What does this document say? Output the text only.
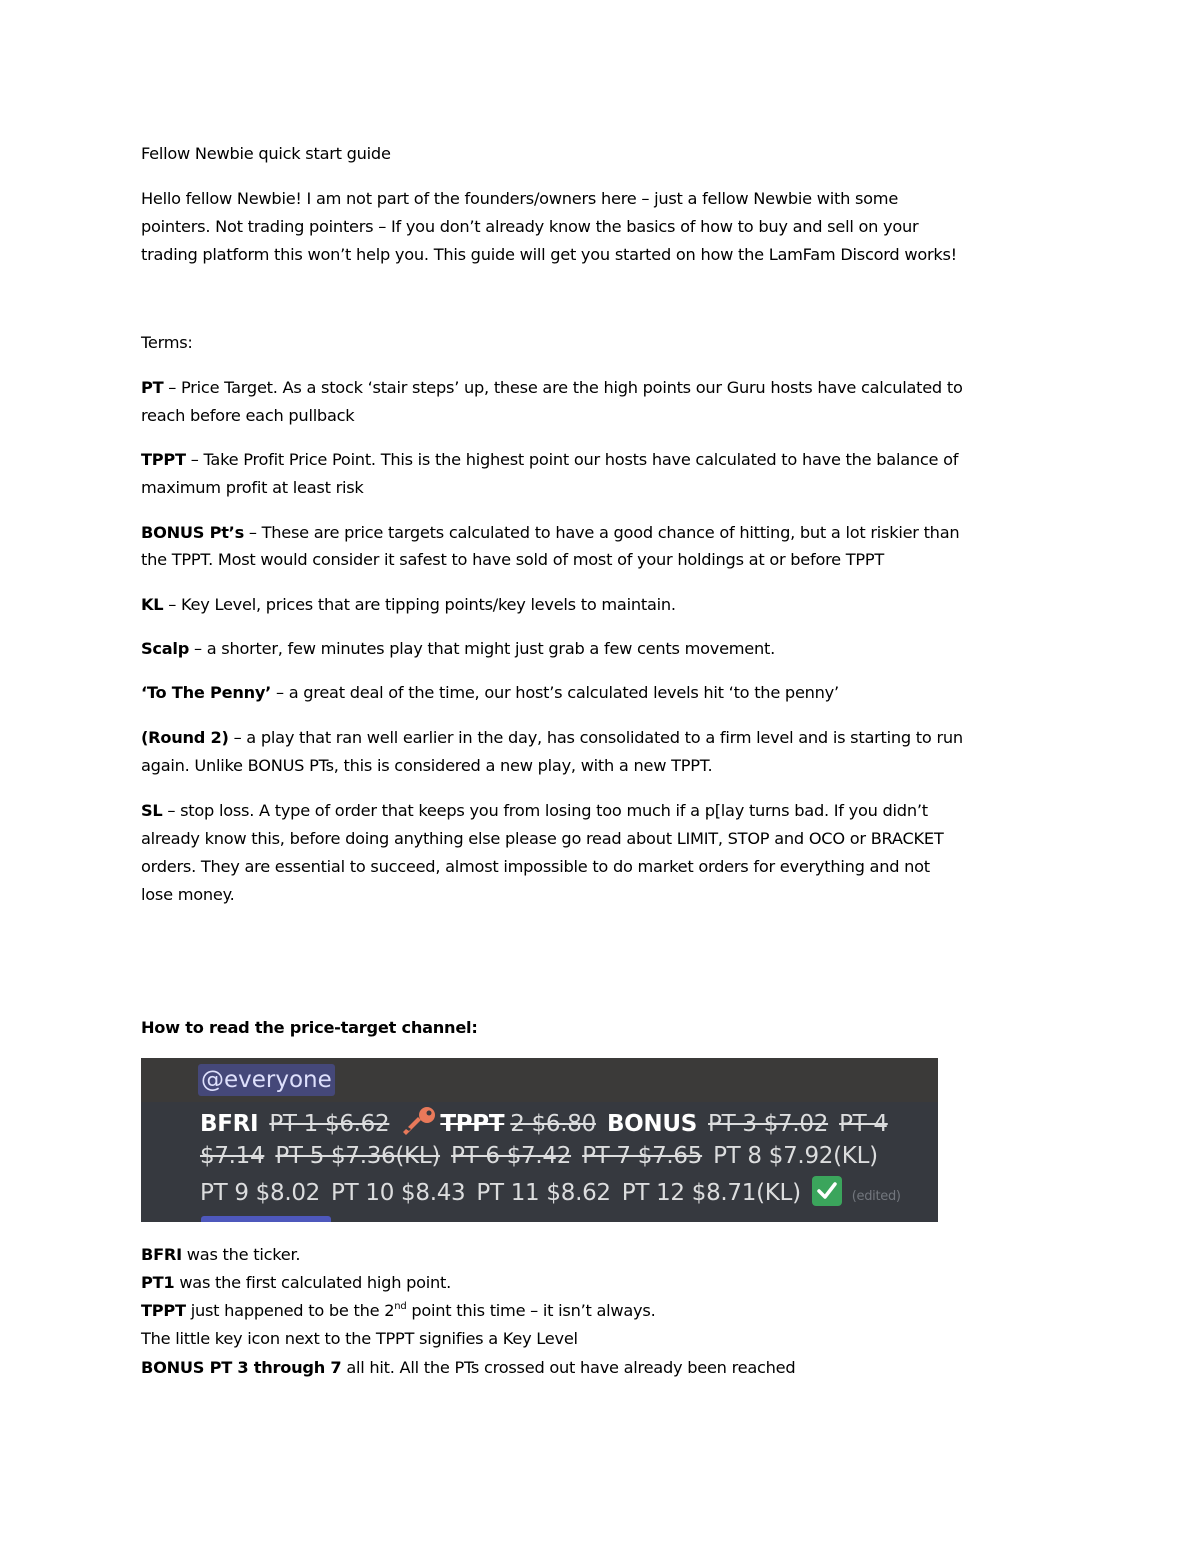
Fellow Newbie quick start guide
Hello fellow Newbie! I am not part of the founders/owners here – just a fellow Newbie with some
pointers. Not trading pointers – If you don’t already know the basics of how to buy and sell on your
trading platform this won’t help you. This guide will get you started on how the LamFam Discord works!
Terms:
PT – Price Target. As a stock ‘stair steps’ up, these are the high points our Guru hosts have calculated to
reach before each pullback
TPPT – Take Profit Price Point. This is the highest point our hosts have calculated to have the balance of
maximum profit at least risk
BONUS Pt’s – These are price targets calculated to have a good chance of hitting, but a lot riskier than
the TPPT. Most would consider it safest to have sold of most of your holdings at or before TPPT
KL – Key Level, prices that are tipping points/key levels to maintain.
Scalp – a shorter, few minutes play that might just grab a few cents movement.
‘To The Penny’ – a great deal of the time, our host’s calculated levels hit ‘to the penny’
(Round 2) – a play that ran well earlier in the day, has consolidated to a firm level and is starting to run
again. Unlike BONUS PTs, this is considered a new play, with a new TPPT.
SL – stop loss. A type of order that keeps you from losing too much if a p[lay turns bad. If you didn’t
already know this, before doing anything else please go read about LIMIT, STOP and OCO or BRACKET
orders. They are essential to succeed, almost impossible to do market orders for everything and not
lose money.
How to read the price-target channel:
@everyone
BFRI PT 1 $6.62 TPPT 2 $6.80 BONUS PT 3 $7.02 PT 4
$7.14 PT 5 $7.36(KL) PT 6 $7.42 PT 7 $7.65 PT 8 $7.92(KL)
PT 9 $8.02 PT 10 $8.43 PT 11 $8.62 PT 12 $8.71(KL)	(edited)
BFRI was the ticker.
PT1 was the first calculated high point.
TPPT just happened to be the 2nd point this time – it isn’t always.
The little key icon next to the TPPT signifies a Key Level
BONUS PT 3 through 7 all hit. All the PTs crossed out have already been reached
